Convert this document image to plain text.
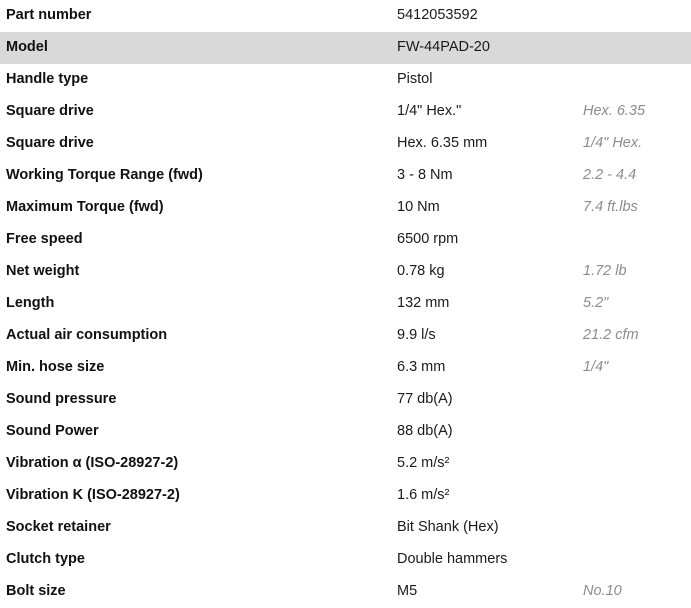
Part number	5412053592	
Model	FW-44PAD-20	
Handle type	Pistol	
Square drive	1/4" Hex."	Hex. 6.35
Square drive	Hex. 6.35 mm	1/4" Hex.
Working Torque Range (fwd)	3 - 8 Nm	2.2 - 4.4
Maximum Torque (fwd)	10 Nm	7.4 ft.lbs
Free speed	6500 rpm	
Net weight	0.78 kg	1.72 lb
Length	132 mm	5.2"
Actual air consumption	9.9 l/s	21.2 cfm
Min. hose size	6.3 mm	1/4"
Sound pressure	77 db(A)	
Sound Power	88 db(A)	
Vibration α (ISO-28927-2)	5.2 m/s²	
Vibration K (ISO-28927-2)	1.6 m/s²	
Socket retainer	Bit Shank (Hex)	
Clutch type	Double hammers	
Bolt size	M5	No.10
